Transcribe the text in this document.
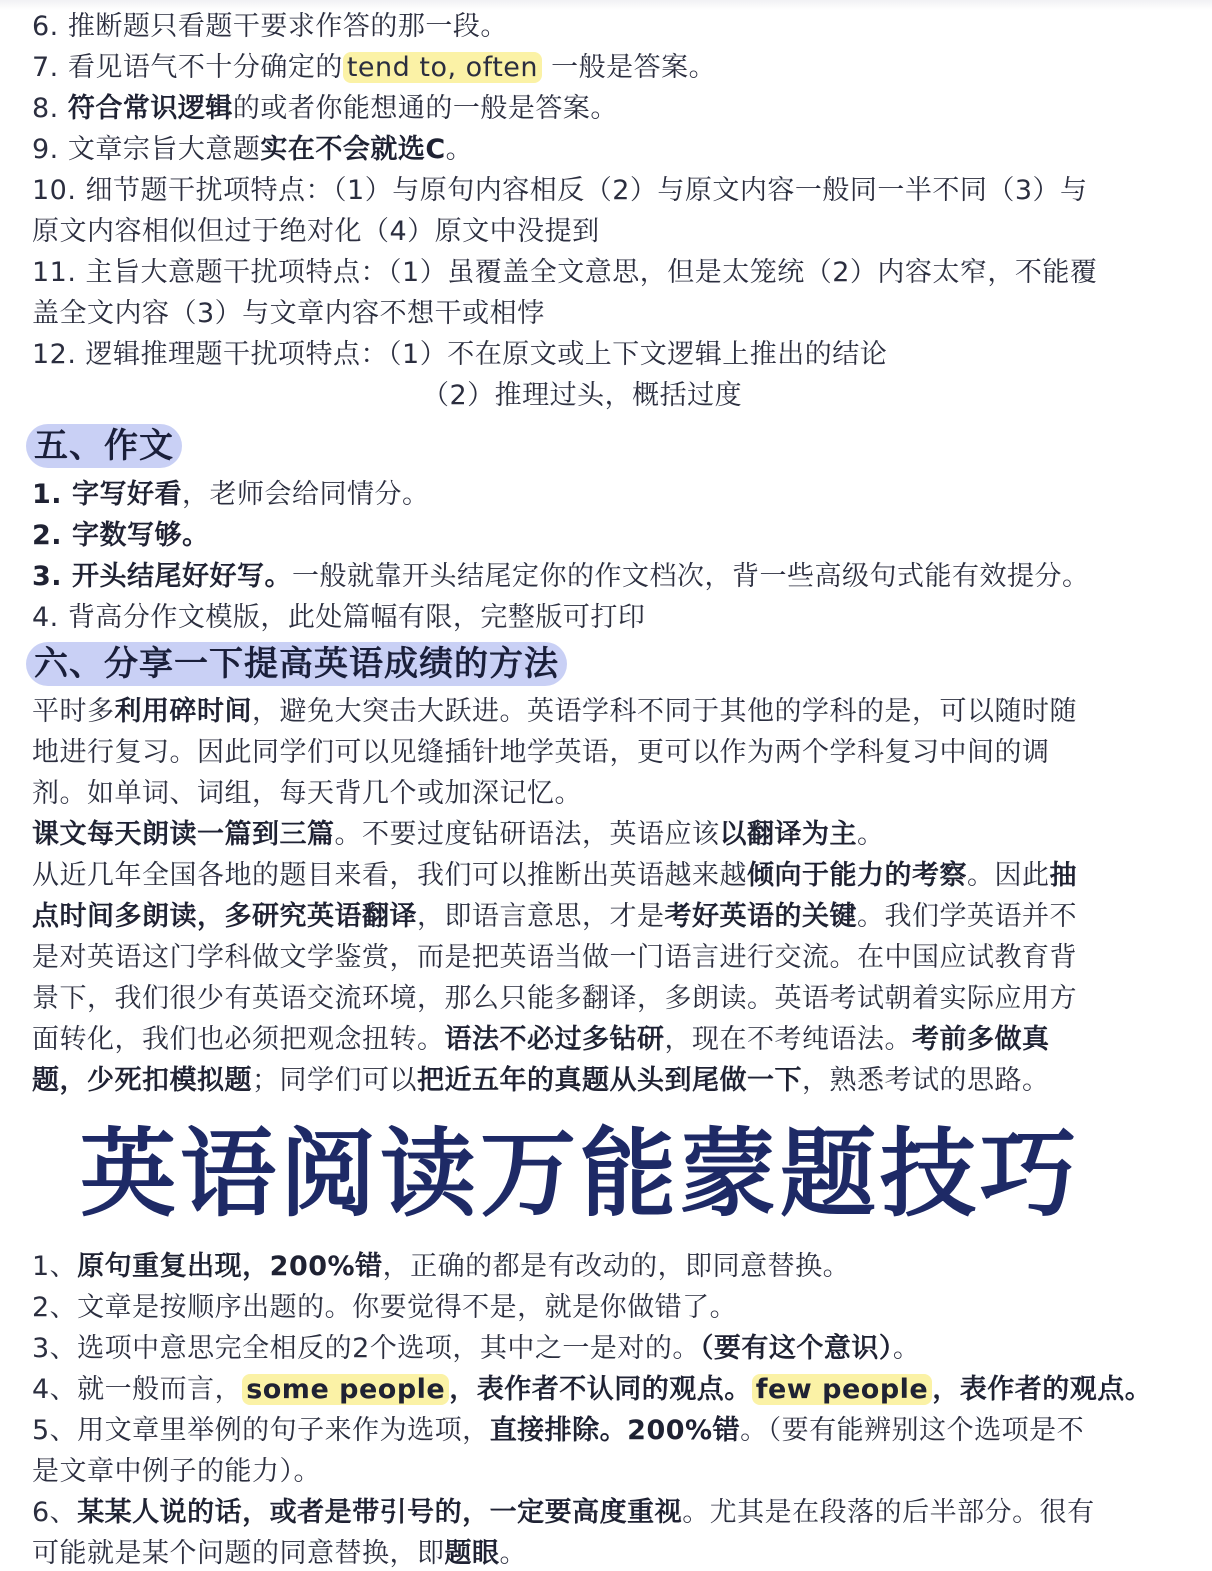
6. 推断题只看题干要求作答的那一段。
7. 看见语气不十分确定的 tend to, often 一般是答案。
8. 符合常识逻辑的或者你能想通的一般是答案。
9. 文章宗旨大意题实在不会就选C。
10. 细节题干扰项特点：（1）与原句内容相反（2）与原文内容一般同一半不同（3）与
原文内容相似但过于绝对化（4）原文中没提到
11. 主旨大意题干扰项特点：（1）虽覆盖全文意思，但是太笼统（2）内容太窄，不能覆
盖全文内容（3）与文章内容不想干或相悖
12. 逻辑推理题干扰项特点：（1）不在原文或上下文逻辑上推出的结论
（2）推理过头，概括过度
五、作文
1. 字写好看，老师会给同情分。
2. 字数写够。
3. 开头结尾好好写。一般就靠开头结尾定你的作文档次，背一些高级句式能有效提分。
4. 背高分作文模版，此处篇幅有限，完整版可打印
六、分享一下提高英语成绩的方法
平时多利用碎时间，避免大突击大跃进。英语学科不同于其他的学科的是，可以随时随
地进行复习。因此同学们可以见缝插针地学英语，更可以作为两个学科复习中间的调
剂。如单词、词组，每天背几个或加深记忆。
课文每天朗读一篇到三篇。不要过度钻研语法，英语应该以翻译为主。
从近几年全国各地的题目来看，我们可以推断出英语越来越倾向于能力的考察。因此抽
点时间多朗读，多研究英语翻译，即语言意思，才是考好英语的关键。我们学英语并不
是对英语这门学科做文学鉴赏，而是把英语当做一门语言进行交流。在中国应试教育背
景下，我们很少有英语交流环境，那么只能多翻译，多朗读。英语考试朝着实际应用方
面转化，我们也必须把观念扭转。语法不必过多钻研，现在不考纯语法。考前多做真
题，少死扣模拟题；同学们可以把近五年的真题从头到尾做一下，熟悉考试的思路。
英语阅读万能蒙题技巧
1、原句重复出现，200%错，正确的都是有改动的，即同意替换。
2、文章是按顺序出题的。你要觉得不是，就是你做错了。
3、选项中意思完全相反的2个选项，其中之一是对的。（要有这个意识）。
4、就一般而言， some people ，表作者不认同的观点。 few people ，表作者的观点。
5、用文章里举例的句子来作为选项，直接排除。200%错。（要有能辨别这个选项是不
是文章中例子的能力）。
6、某某人说的话，或者是带引号的，一定要高度重视。尤其是在段落的后半部分。很有
可能就是某个问题的同意替换，即题眼。
